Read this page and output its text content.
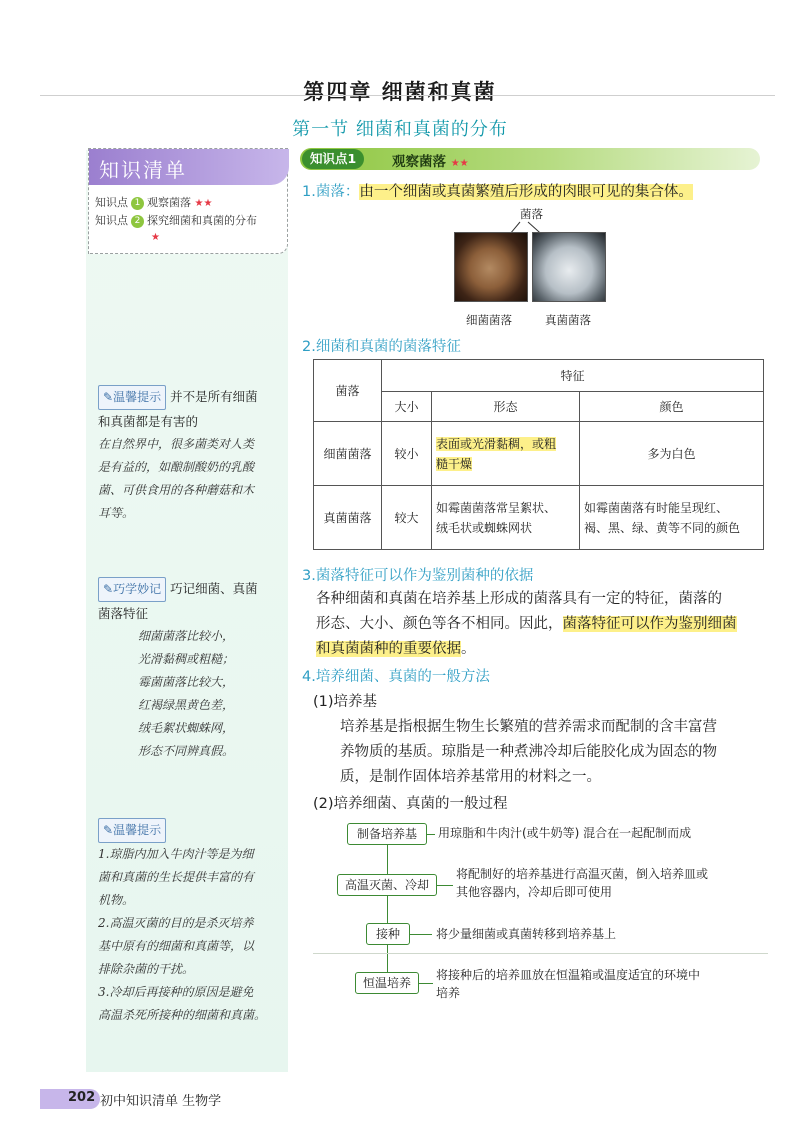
第四章 细菌和真菌
第一节 细菌和真菌的分布
知识清单
知识点 1 观察菌落 ★★
知识点 2 探究细菌和真菌的分布
★
✎温馨提示 并不是所有细菌
和真菌都是有害的
在自然界中，很多菌类对人类
是有益的，如酿制酸奶的乳酸
菌、可供食用的各种蘑菇和木
耳等。
✎巧学妙记 巧记细菌、真菌
菌落特征
细菌菌落比较小，
光滑黏稠或粗糙；
霉菌菌落比较大，
红褐绿黑黄色差，
绒毛絮状蜘蛛网，
形态不同辨真假。
✎温馨提示
1.琼脂内加入牛肉汁等是为细
菌和真菌的生长提供丰富的有
机物。
2.高温灭菌的目的是杀灭培养
基中原有的细菌和真菌等，以
排除杂菌的干扰。
3.冷却后再接种的原因是避免
高温杀死所接种的细菌和真菌。
知识点1	观察菌落 ★★
1.菌落：由一个细菌或真菌繁殖后形成的肉眼可见的集合体。
菌落
细菌菌落	真菌菌落
2.细菌和真菌的菌落特征
菌落	特征		
	大小	形态	颜色
细菌菌落	较小	表面或光滑黏稠，或粗
糙干燥	多为白色
真菌菌落	较大	如霉菌菌落常呈絮状、
绒毛状或蜘蛛网状	如霉菌菌落有时能呈现红、
褐、黑、绿、黄等不同的颜色
3.菌落特征可以作为鉴别菌种的依据
各种细菌和真菌在培养基上形成的菌落具有一定的特征，菌落的
形态、大小、颜色等各不相同。因此，菌落特征可以作为鉴别细菌
和真菌菌种的重要依据。
4.培养细菌、真菌的一般方法
(1)培养基
培养基是指根据生物生长繁殖的营养需求而配制的含丰富营
养物质的基质。琼脂是一种煮沸冷却后能胶化成为固态的物
质，是制作固体培养基常用的材料之一。
(2)培养细菌、真菌的一般过程
制备培养基	用琼脂和牛肉汁(或牛奶等) 混合在一起配制而成
高温灭菌、冷却
将配制好的培养基进行高温灭菌，倒入培养皿或
其他容器内，冷却后即可使用
接种	将少量细菌或真菌转移到培养基上
恒温培养
将接种后的培养皿放在恒温箱或温度适宜的环境中
培养
202 初中知识清单 生物学
